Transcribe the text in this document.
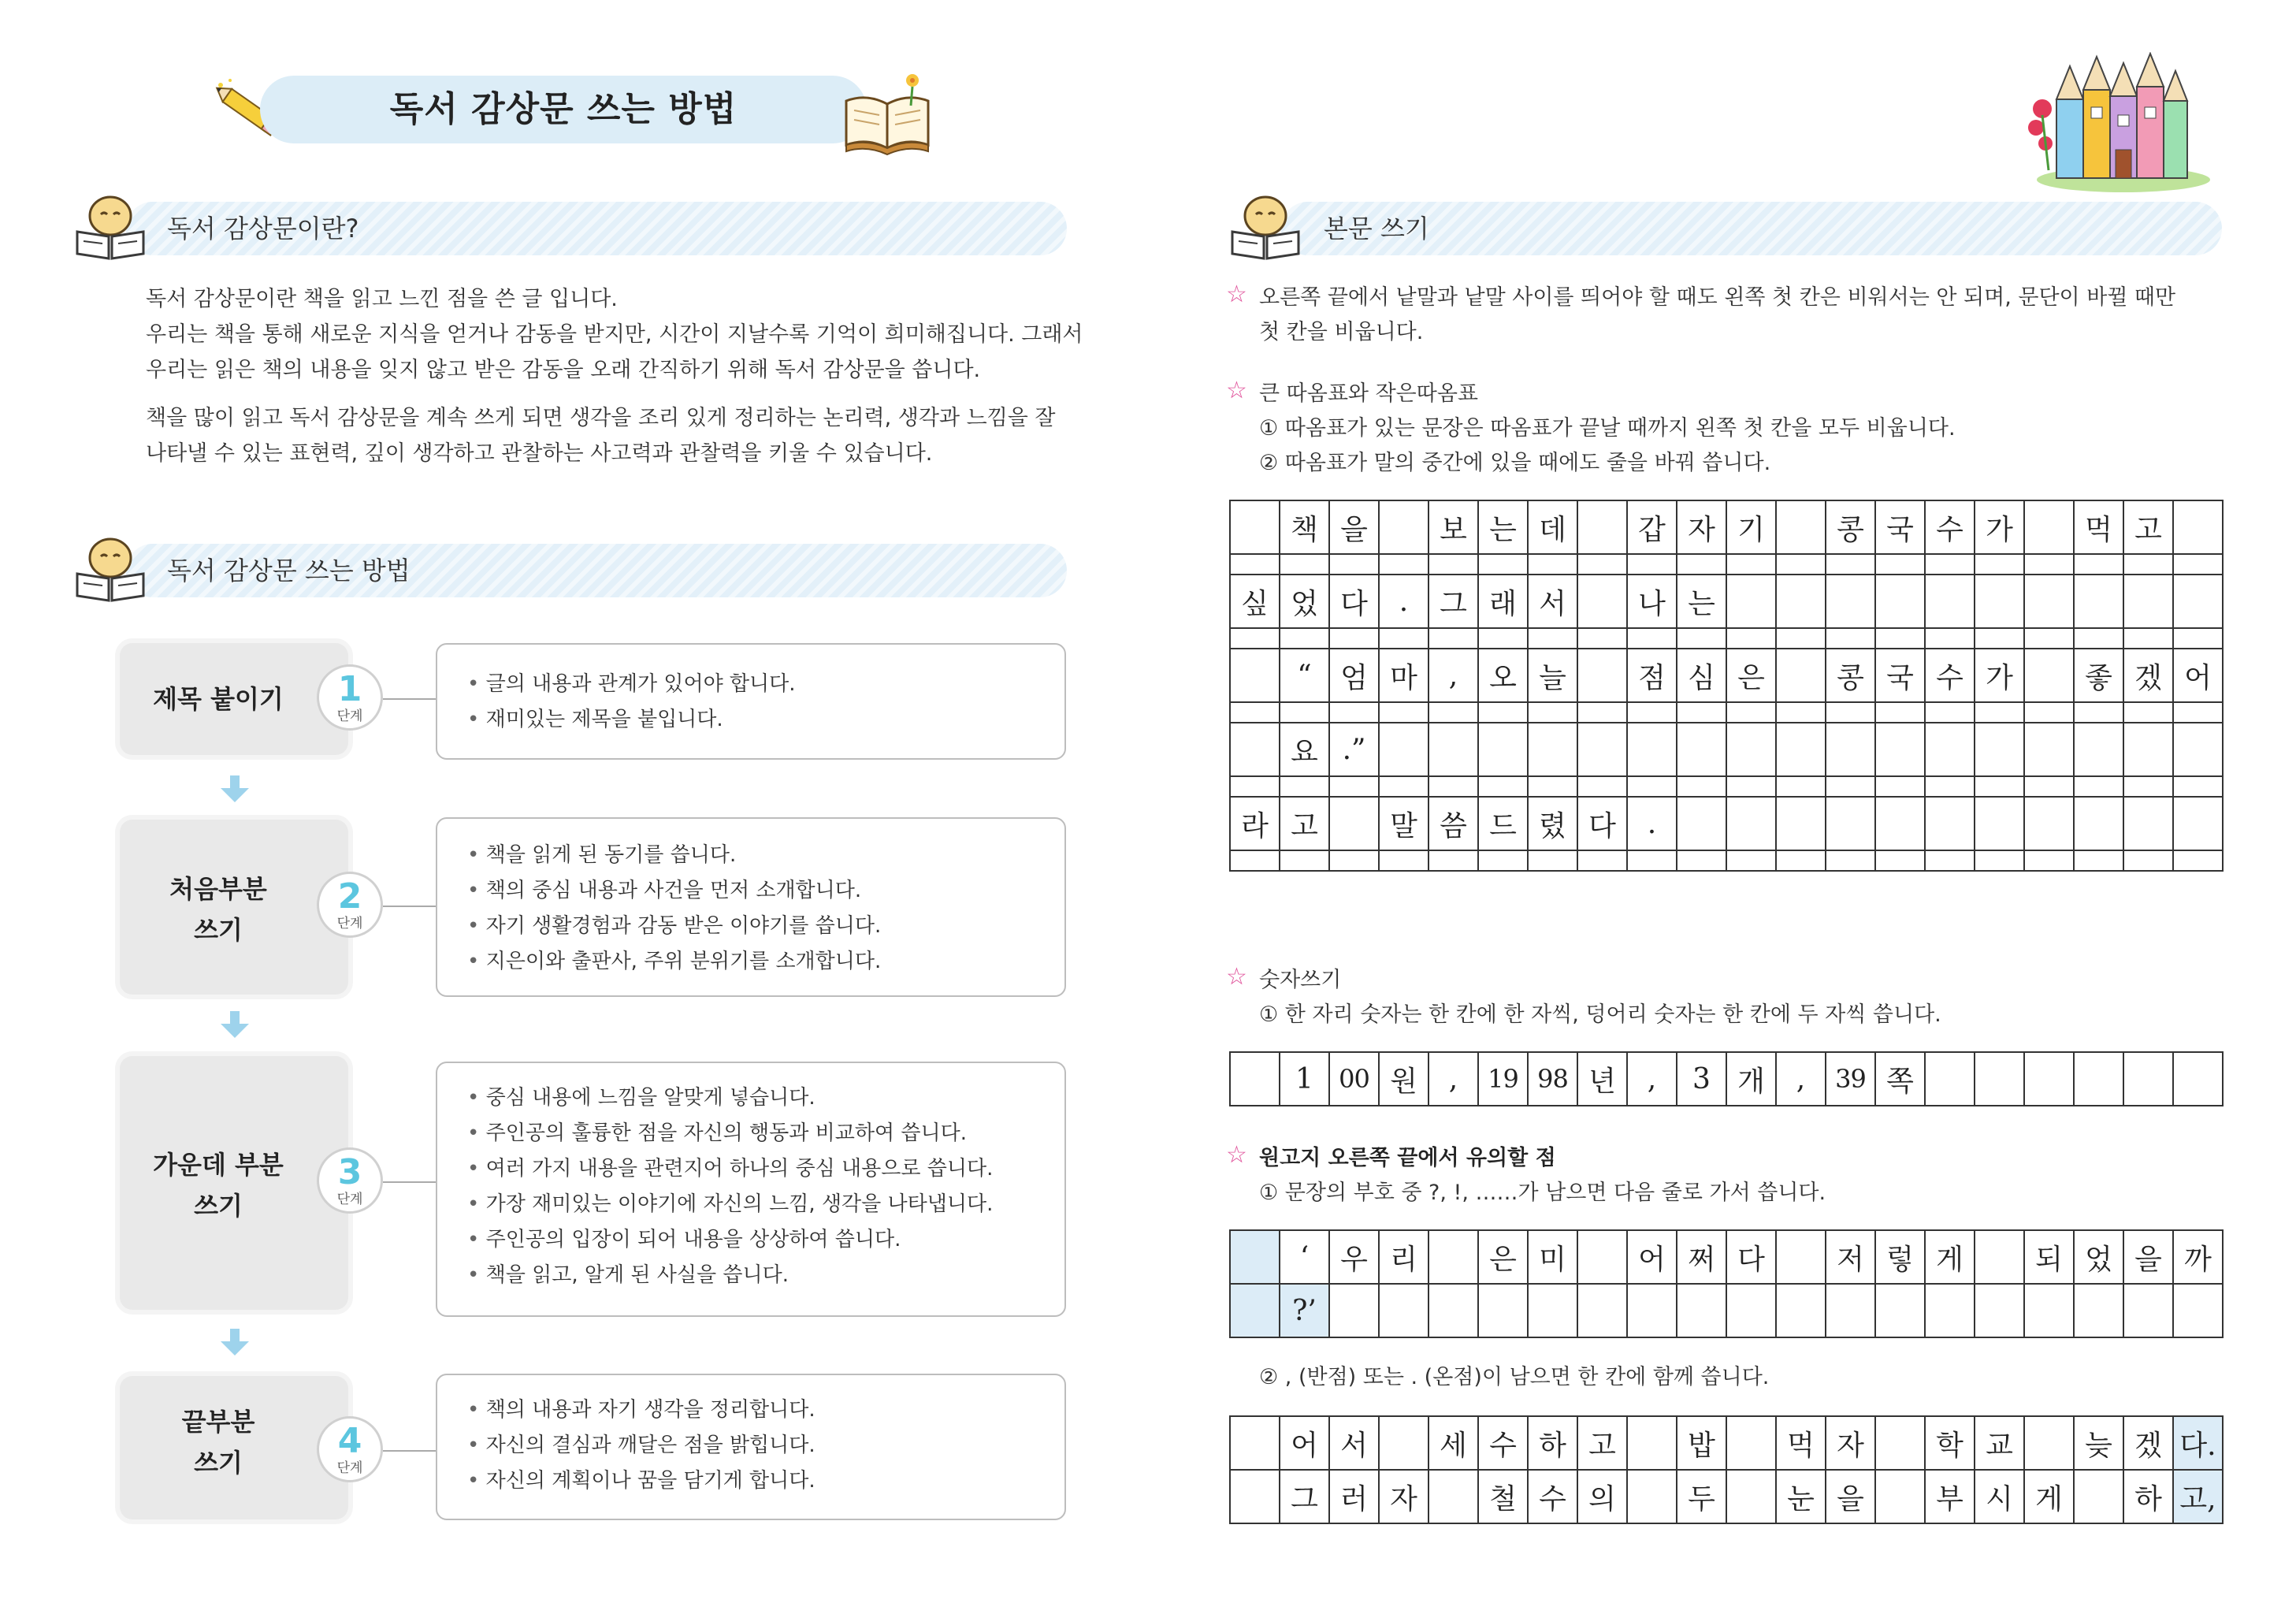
독서 감상문 쓰는 방법
독서 감상문이란?
독서 감상문이란 책을 읽고 느낀 점을 쓴 글 입니다.
우리는 책을 통해 새로운 지식을 얻거나 감동을 받지만, 시간이 지날수록 기억이 희미해집니다. 그래서
우리는 읽은 책의 내용을 잊지 않고 받은 감동을 오래 간직하기 위해 독서 감상문을 씁니다.
책을 많이 읽고 독서 감상문을 계속 쓰게 되면 생각을 조리 있게 정리하는 논리력, 생각과 느낌을 잘
나타낼 수 있는 표현력, 깊이 생각하고 관찰하는 사고력과 관찰력을 키울 수 있습니다.
독서 감상문 쓰는 방법
제목 붙이기	1
단계
• 글의 내용과 관계가 있어야 합니다.
• 재미있는 제목을 붙입니다.
처음부분
쓰기
2
단계
• 책을 읽게 된 동기를 씁니다.
• 책의 중심 내용과 사건을 먼저 소개합니다.
• 자기 생활경험과 감동 받은 이야기를 씁니다.
• 지은이와 출판사, 주위 분위기를 소개합니다.
가운데 부분
쓰기
3
단계
• 중심 내용에 느낌을 알맞게 넣습니다.
• 주인공의 훌륭한 점을 자신의 행동과 비교하여 씁니다.
• 여러 가지 내용을 관련지어 하나의 중심 내용으로 씁니다.
• 가장 재미있는 이야기에 자신의 느낌, 생각을 나타냅니다.
• 주인공의 입장이 되어 내용을 상상하여 씁니다.
• 책을 읽고, 알게 된 사실을 씁니다.
끝부분
쓰기
4
단계
• 책의 내용과 자기 생각을 정리합니다.
• 자신의 결심과 깨달은 점을 밝힙니다.
• 자신의 계획이나 꿈을 담기게 합니다.
본문 쓰기
☆ 오른쪽 끝에서 낱말과 낱말 사이를 띄어야 할 때도 왼쪽 첫 칸은 비워서는 안 되며, 문단이 바뀔 때만
첫 칸을 비웁니다.
☆ 큰 따옴표와 작은따옴표
① 따옴표가 있는 문장은 따옴표가 끝날 때까지 왼쪽 첫 칸을 모두 비웁니다.
② 따옴표가 말의 중간에 있을 때에도 줄을 바꿔 씁니다.
	책	을		보	는	데		갑	자	기		콩	국	수	가		먹	고	

싶	었	다	.	그	래	서		나	는										

	“	엄	마	,	오	늘		점	심	은		콩	국	수	가		좋	겠	어

	요	.”																	

라	고		말	씀	드	렸	다	.											

☆ 숫자쓰기
① 한 자리 숫자는 한 칸에 한 자씩, 덩어리 숫자는 한 칸에 두 자씩 씁니다.
	1	00	원	,	19	98	년	,	3	개	,	39	쪽						
☆ 원고지 오른쪽 끝에서 유의할 점
① 문장의 부호 중 ?, !, ……가 남으면 다음 줄로 가서 씁니다.
	‘	우	리		은	미		어	쩌	다		저	렇	게		되	었	을	까
	?’																		
② , (반점) 또는 . (온점)이 남으면 한 칸에 함께 씁니다.
	어	서		세	수	하	고		밥		먹	자		학	교		늦	겠	다.
	그	러	자		철	수	의		두		눈	을		부	시	게		하	고,
